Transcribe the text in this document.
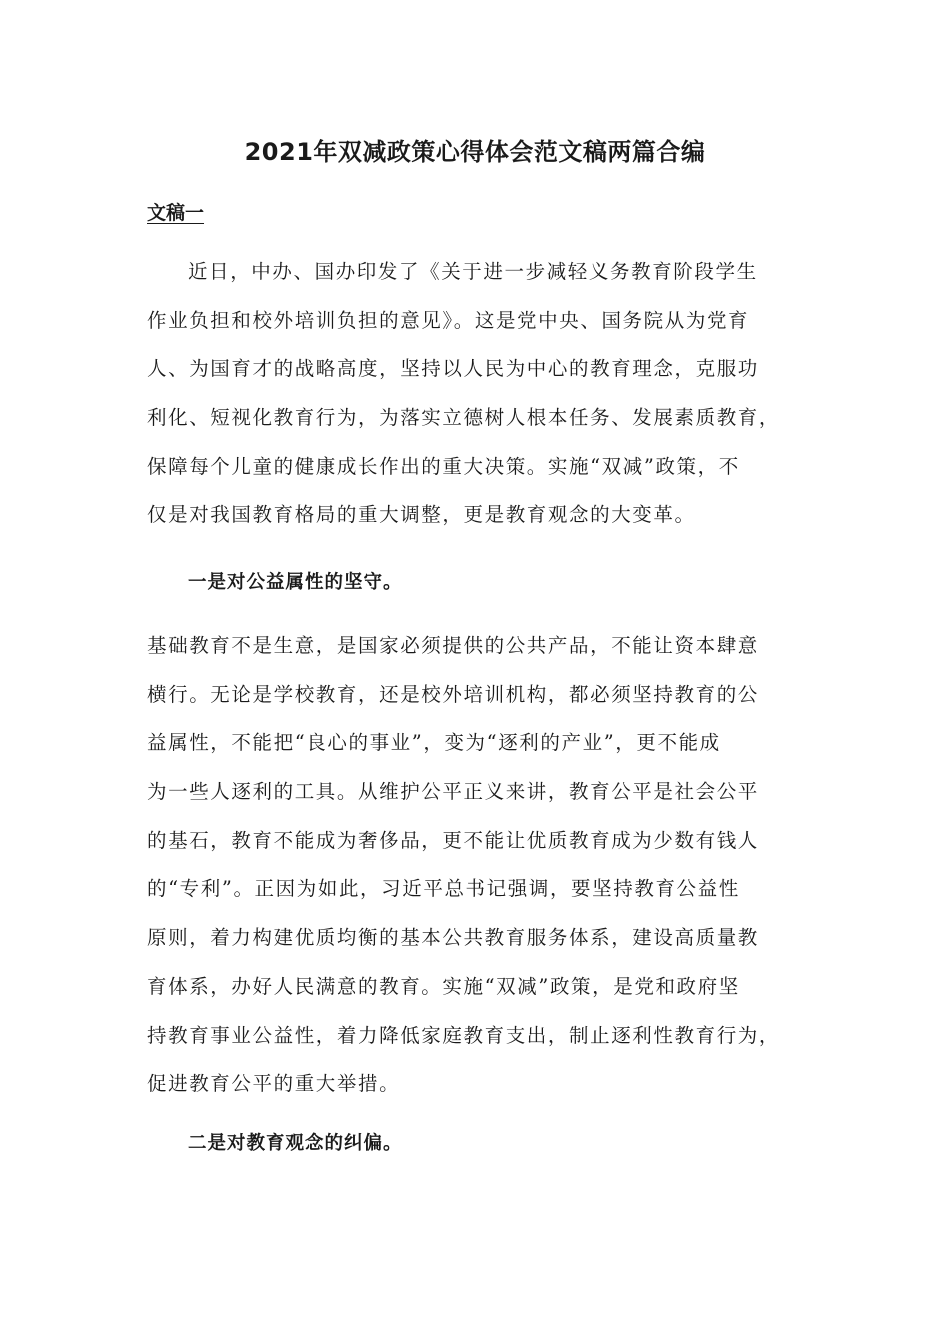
2021年双减政策心得体会范文稿两篇合编
文稿一
近日，中办、国办印发了《关于进一步减轻义务教育阶段学生
作业负担和校外培训负担的意见》。这是党中央、国务院从为党育
人、为国育才的战略高度，坚持以人民为中心的教育理念，克服功
利化、短视化教育行为，为落实立德树人根本任务、发展素质教育，
保障每个儿童的健康成长作出的重大决策。实施“双减”政策，不
仅是对我国教育格局的重大调整，更是教育观念的大变革。
一是对公益属性的坚守。
基础教育不是生意，是国家必须提供的公共产品，不能让资本肆意
横行。无论是学校教育，还是校外培训机构，都必须坚持教育的公
益属性，不能把“良心的事业”，变为“逐利的产业”，更不能成
为一些人逐利的工具。从维护公平正义来讲，教育公平是社会公平
的基石，教育不能成为奢侈品，更不能让优质教育成为少数有钱人
的“专利”。正因为如此，习近平总书记强调，要坚持教育公益性
原则，着力构建优质均衡的基本公共教育服务体系，建设高质量教
育体系，办好人民满意的教育。实施“双减”政策，是党和政府坚
持教育事业公益性，着力降低家庭教育支出，制止逐利性教育行为，
促进教育公平的重大举措。
二是对教育观念的纠偏。
